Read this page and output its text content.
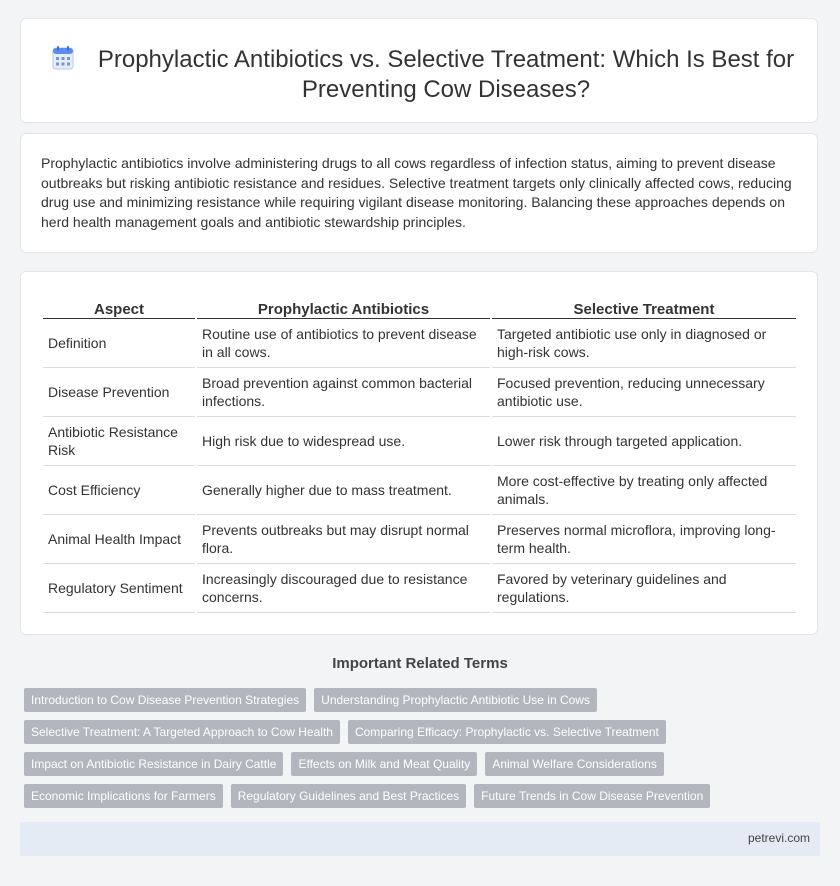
Prophylactic Antibiotics vs. Selective Treatment: Which Is Best for Preventing Cow Diseases?

Prophylactic antibiotics involve administering drugs to all cows regardless of infection status, aiming to prevent disease outbreaks but risking antibiotic resistance and residues. Selective treatment targets only clinically affected cows, reducing drug use and minimizing resistance while requiring vigilant disease monitoring. Balancing these approaches depends on herd health management goals and antibiotic stewardship principles.

Aspect	Prophylactic Antibiotics	Selective Treatment
Definition	Routine use of antibiotics to prevent disease in all cows.	Targeted antibiotic use only in diagnosed or high-risk cows.
Disease Prevention	Broad prevention against common bacterial infections.	Focused prevention, reducing unnecessary antibiotic use.
Antibiotic Resistance Risk	High risk due to widespread use.	Lower risk through targeted application.
Cost Efficiency	Generally higher due to mass treatment.	More cost-effective by treating only affected animals.
Animal Health Impact	Prevents outbreaks but may disrupt normal flora.	Preserves normal microflora, improving long-term health.
Regulatory Sentiment	Increasingly discouraged due to resistance concerns.	Favored by veterinary guidelines and regulations.
Important Related Terms
Introduction to Cow Disease Prevention Strategies	Understanding Prophylactic Antibiotic Use in Cows
Selective Treatment: A Targeted Approach to Cow Health	Comparing Efficacy: Prophylactic vs. Selective Treatment
Impact on Antibiotic Resistance in Dairy Cattle	Effects on Milk and Meat Quality	Animal Welfare Considerations
Economic Implications for Farmers	Regulatory Guidelines and Best Practices	Future Trends in Cow Disease Prevention
petrevi.com
